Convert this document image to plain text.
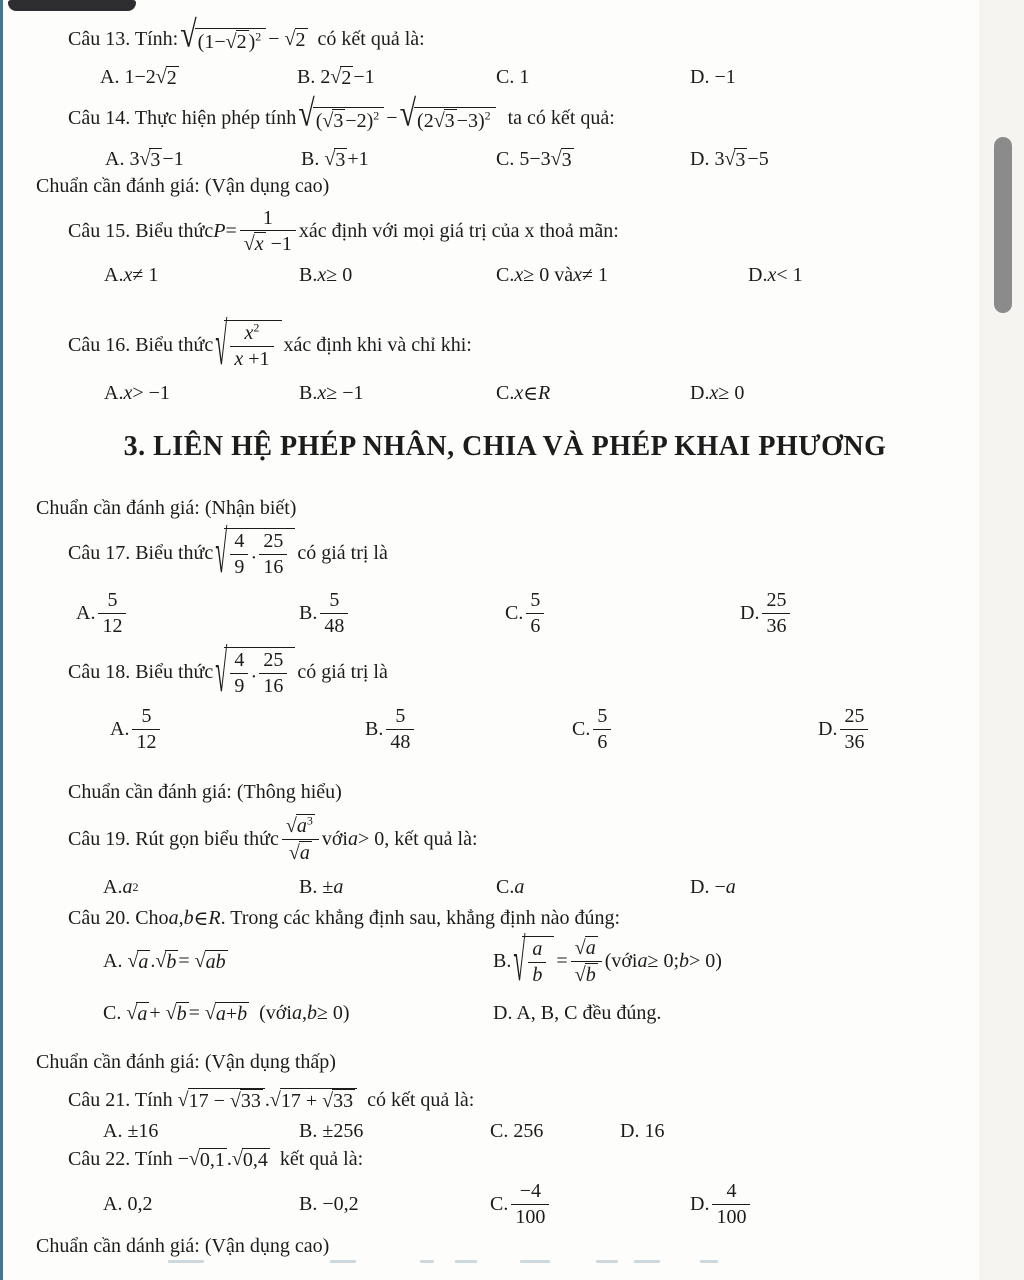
Câu 13. Tính: √ (1−√2 )$^2$ − √ 2 có kết quả là:
A. 1−2√ 2	B. 2√ 2 −1	C. 1	D. −1
Câu 14. Thực hiện phép tính √ $(√3 -2)^2$ − √ $(2√3 -3)^2$ ta có kết quả:
A. 3√ 3 −1	B. √ 3 +1	C. 5−3√ 3	D. 3√ 3 −5
Chuẩn cần đánh giá: (Vận dụng cao)
Câu 15. Biểu thức P =
1
√x −1
xác định với mọi giá trị của x thoả mãn:
A. x ≠ 1	B. x ≥ 0	C. x ≥ 0 và x ≠ 1	D. x < 1
Câu 16. Biểu thức √ $\frac{x^2}{x +1}$ xác định khi và chỉ khi:
A. x > −1	B. x ≥ −1	C. x ∈ R	D. x ≥ 0
3. LIÊN HỆ PHÉP NHÂN, CHIA VÀ PHÉP KHAI PHƯƠNG
Chuẩn cần đánh giá: (Nhận biết)
Câu 17. Biểu thức √ $\frac{4}{9}$ . $\frac{25}{16}$ có giá trị là
A.
5
12
B.
5
48
C.
5
6
D.
25
36
Câu 18. Biểu thức √ $\frac{4}{9}$ . $\frac{25}{16}$ có giá trị là
A.
5
12
B.
5
48
C.
5
6
D.
25
36
Chuẩn cần đánh giá: (Thông hiểu)
Câu 19. Rút gọn biểu thức
$√a^3$
√a
với a > 0, kết quả là:
A. a 2	B. ± a	C. a	D. − a
Câu 20. Cho a , b ∈ R . Trong các khẳng định sau, khẳng định nào đúng:
A. √ a .√ b = √ ab	B. √ $\frac{a}{b}$ =
√a
√b
(với a ≥ 0; b > 0)
C. √ a + √ b = √ a+b (với a , b ≥ 0)	D. A, B, C đều đúng.
Chuẩn cần đánh giá: (Vận dụng thấp)
Câu 21. Tính √ 17 − √33 .√ 17 + √33 có kết quả là:
A. ±16	B. ±256	C. 256	D. 16
Câu 22. Tính −√ 0,1 .√ 0,4 kết quả là:
A. 0,2	B. −0,2	C.
−4
100
D.
4
100
Chuẩn cần dánh giá: (Vận dụng cao)
